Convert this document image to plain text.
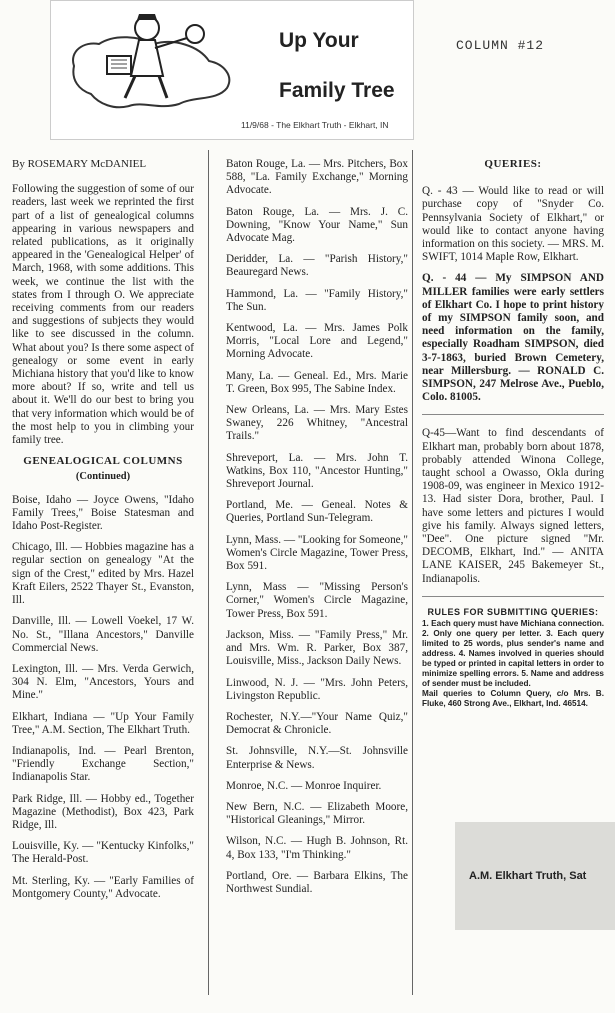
Up Your
Family Tree
11/9/68 - The Elkhart Truth - Elkhart, IN
COLUMN #12
By ROSEMARY McDANIEL

Following the suggestion of some of our readers, last week we reprinted the first part of a list of genealogical columns appearing in various newspapers and related publications, as it originally appeared in the 'Genealogical Helper' of March, 1968, with some additions. This week, we continue the list with the states from I through O. We appreciate receiving comments from our readers and suggestions of subjects they would like to see discussed in the column. What about you? Is there some aspect of genealogy or some event in early Michiana history that you'd like to know more about? If so, write and tell us about it. We'll do our best to bring you that very information which would be of the most help to you in climbing your family tree.

GENEALOGICAL COLUMNS
(Continued)

Boise, Idaho — Joyce Owens, "Idaho Family Trees," Boise Statesman and Idaho Post-Register.

Chicago, Ill. — Hobbies magazine has a regular section on genealogy "At the sign of the Crest," edited by Mrs. Hazel Kraft Eilers, 2522 Thayer St., Evanston, Ill.

Danville, Ill. — Lowell Voekel, 17 W. No. St., "Illana Ancestors," Danville Commercial News.

Lexington, Ill. — Mrs. Verda Gerwich, 304 N. Elm, "Ancestors, Yours and Mine."

Elkhart, Indiana — "Up Your Family Tree," A.M. Section, The Elkhart Truth.

Indianapolis, Ind. — Pearl Brenton, "Friendly Exchange Section," Indianapolis Star.

Park Ridge, Ill. — Hobby ed., Together Magazine (Methodist), Box 423, Park Ridge, Ill.

Louisville, Ky. — "Kentucky Kinfolks," The Herald-Post.

Mt. Sterling, Ky. — "Early Families of Montgomery County," Advocate.

Baton Rouge, La. — Mrs. Pitchers, Box 588, "La. Family Exchange," Morning Advocate.

Baton Rouge, La. — Mrs. J. C. Downing, "Know Your Name," Sun Advocate Mag.

Deridder, La. — "Parish History," Beauregard News.

Hammond, La. — "Family History," The Sun.

Kentwood, La. — Mrs. James Polk Morris, "Local Lore and Legend," Morning Advocate.

Many, La. — Geneal. Ed., Mrs. Marie T. Green, Box 995, The Sabine Index.

New Orleans, La. — Mrs. Mary Estes Swaney, 226 Whitney, "Ancestral Trails."

Shreveport, La. — Mrs. John T. Watkins, Box 110, "Ancestor Hunting," Shreveport Journal.

Portland, Me. — Geneal. Notes & Queries, Portland Sun-Telegram.

Lynn, Mass. — "Looking for Someone," Women's Circle Magazine, Tower Press, Box 591.

Lynn, Mass — "Missing Person's Corner," Women's Circle Magazine, Tower Press, Box 591.

Jackson, Miss. — "Family Press," Mr. and Mrs. Wm. R. Parker, Box 387, Louisville, Miss., Jackson Daily News.

Linwood, N. J. — "Mrs. John Peters, Livingston Republic.

Rochester, N.Y.—"Your Name Quiz," Democrat & Chronicle.

St. Johnsville, N.Y.—St. Johnsville Enterprise & News.

Monroe, N.C. — Monroe Inquirer.

New Bern, N.C. — Elizabeth Moore, "Historical Gleanings," Mirror.

Wilson, N.C. — Hugh B. Johnson, Rt. 4, Box 133, "I'm Thinking."

Portland, Ore. — Barbara Elkins, The Northwest Sundial.

QUERIES:

Q. - 43 — Would like to read or will purchase copy of "Snyder Co. Pennsylvania Society of Elkhart," or would like to contact anyone having information on this society. — MRS. M. SWIFT, 1014 Maple Row, Elkhart.

Q. - 44 — My SIMPSON AND MILLER families were early settlers of Elkhart Co. I hope to print history of my SIMPSON family soon, and need information on the family, especially Roadham SIMPSON, died 3-7-1863, buried Brown Cemetery, near Millersburg. — RONALD C. SIMPSON, 247 Melrose Ave., Pueblo, Colo. 81005.

Q-45—Want to find descendants of Elkhart man, probably born about 1878, probably attended Winona College, taught school a Owasso, Okla during 1908-09, was engineer in Mexico 1912-13. Had sister Dora, brother, Paul. I have some letters and pictures I would give his family. Always signed letters, "Dee". One picture signed "Mr. DECOMB, Elkhart, Ind." — ANITA LANE KAISER, 245 Bakemeyer St., Indianapolis.

RULES FOR SUBMITTING QUERIES:

1. Each query must have Michiana connection. 2. Only one query per letter. 3. Each query limited to 25 words, plus sender's name and address. 4. Names involved in queries should be typed or printed in capital letters in order to minimize spelling errors. 5. Name and address of sender must be included.

Mail queries to Column Query, c/o Mrs. B. Fluke, 460 Strong Ave., Elkhart, Ind. 46514.

A.M. Elkhart Truth, Sat
